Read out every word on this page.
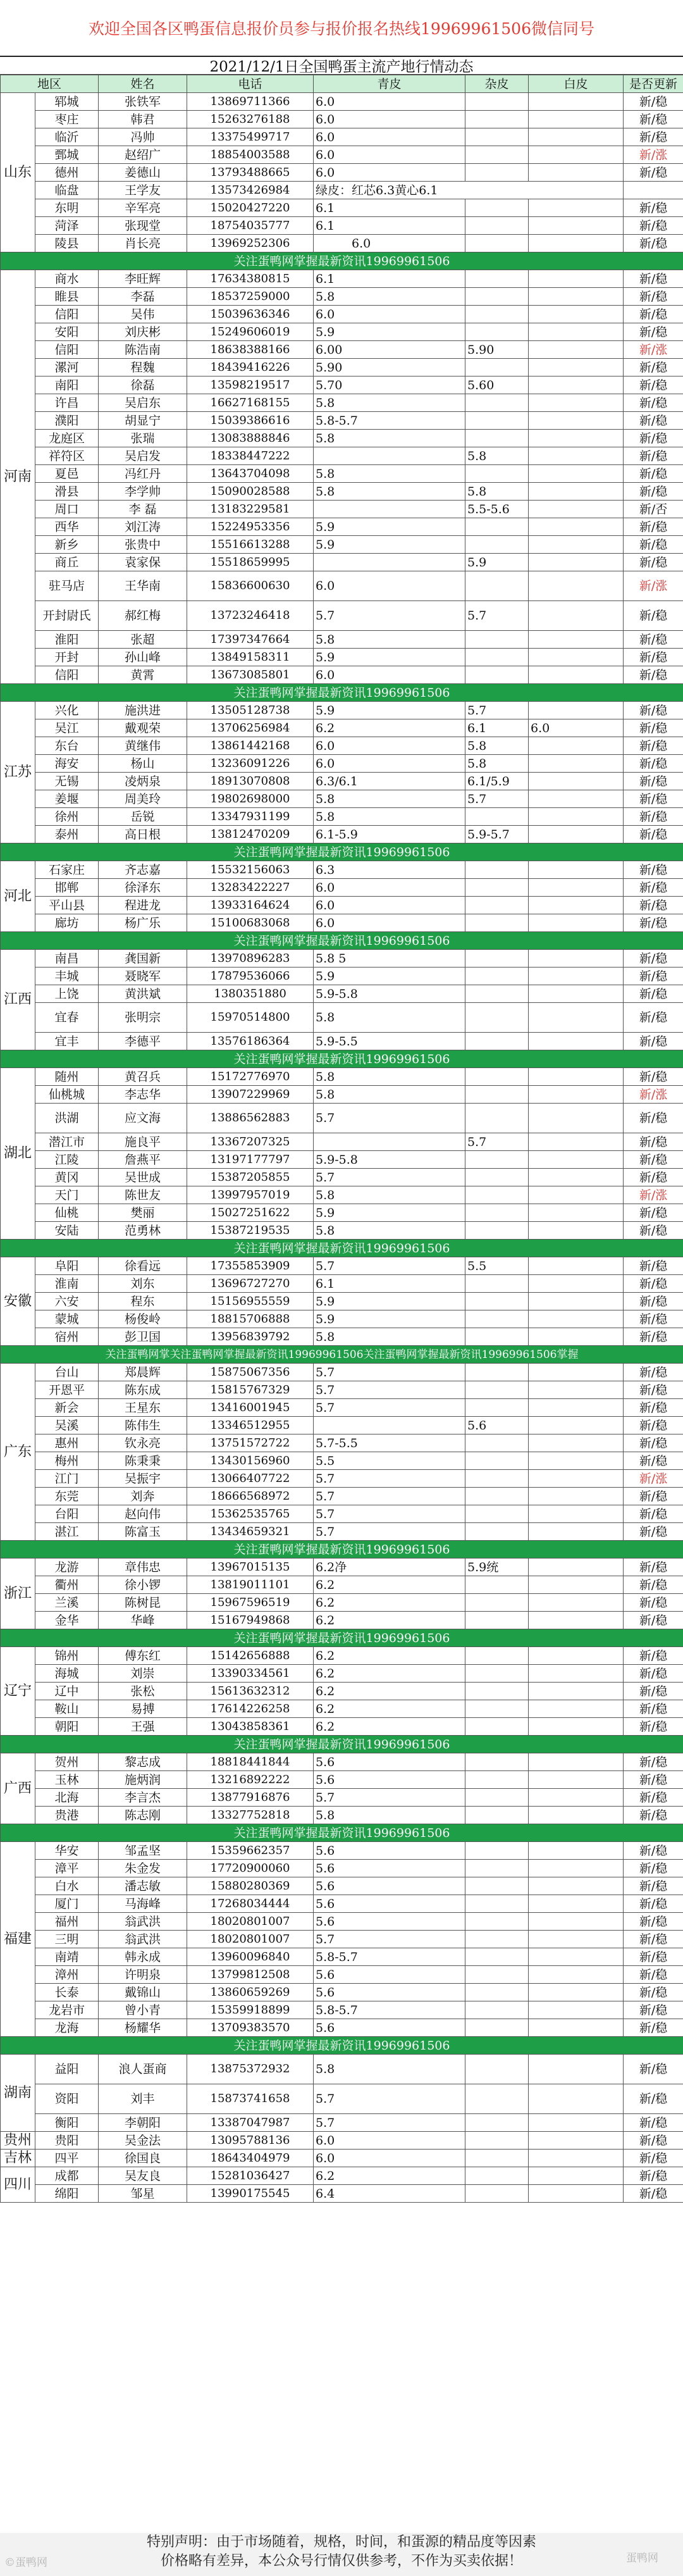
欢迎全国各区鸭蛋信息报价员参与报价报名热线19969961506微信同号
2021/12/1日全国鸭蛋主流产地行情动态
地区		姓名	电话	青皮	杂皮	白皮	是否更新
山东	郓城	张铁军	13869711366	6.0			新/稳
	枣庄	韩君	15263276188	6.0			新/稳
	临沂	冯帅	13375499717	6.0			新/稳
	鄄城	赵绍广	18854003588	6.0			新/涨
	德州	姜德山	13793488665	6.0			新/稳
	临盘	王学友	13573426984	绿皮：红芯6.3黄心6.1			
	东明	辛军亮	15020427220	6.1			新/稳
	菏泽	张现堂	18754035777	6.1			新/稳
	陵县	肖长亮	13969252306	6.0			新/稳
关注蛋鸭网掌握最新资讯19969961506							
河南	商水	李旺辉	17634380815	6.1			新/稳
	睢县	李磊	18537259000	5.8			新/稳
	信阳	吴伟	15039636346	6.0			新/稳
	安阳	刘庆彬	15249606019	5.9			新/稳
	信阳	陈浩南	18638388166	6.00	5.90		新/涨
	漯河	程魏	18439416226	5.90			新/稳
	南阳	徐磊	13598219517	5.70	5.60		新/稳
	许昌	吴启东	16627168155	5.8			新/稳
	濮阳	胡显宁	15039386616	5.8-5.7			新/稳
	龙庭区	张瑞	13083888846	5.8			新/稳
	祥符区	吴启发	18338447222		5.8		新/稳
	夏邑	冯红丹	13643704098	5.8			新/稳
	滑县	李学帅	15090028588	5.8	5.8		新/稳
	周口	李 磊	13183229581		5.5-5.6		新/否
	西华	刘江涛	15224953356	5.9			新/稳
	新乡	张贵中	15516613288	5.9			新/稳
	商丘	袁家保	15518659995		5.9		新/稳
	驻马店	王华南	15836600630	6.0			新/涨
	开封尉氏	郝红梅	13723246418	5.7	5.7		新/稳
	淮阳	张超	17397347664	5.8			新/稳
	开封	孙山峰	13849158311	5.9			新/稳
	信阳	黄霄	13673085801	6.0			新/稳
关注蛋鸭网掌握最新资讯19969961506							
江苏	兴化	施洪进	13505128738	5.9	5.7		新/稳
	吴江	戴观荣	13706256984	6.2	6.1	6.0	新/稳
	东台	黄继伟	13861442168	6.0	5.8		新/稳
	海安	杨山	13236091226	6.0	5.8		新/稳
	无锡	凌炳泉	18913070808	6.3/6.1	6.1/5.9		新/稳
	姜堰	周美玲	19802698000	5.8	5.7		新/稳
	徐州	岳锐	13347931199	5.8			新/稳
	泰州	高日根	13812470209	6.1-5.9	5.9-5.7		新/稳
关注蛋鸭网掌握最新资讯19969961506							
河北	石家庄	齐志嘉	15532156063	6.3			新/稳
	邯郸	徐泽东	13283422227	6.0			新/稳
	平山县	程进龙	13933164624	6.0			新/稳
	廊坊	杨广乐	15100683068	6.0			新/稳
关注蛋鸭网掌握最新资讯19969961506							
江西	南昌	龚国新	13970896283	5.8 5			新/稳
	丰城	聂晓军	17879536066	5.9			新/稳
	上饶	黄洪斌	1380351880	5.9-5.8			新/稳
	宜春	张明宗	15970514800	5.8			新/稳
	宜丰	李德平	13576186364	5.9-5.5			新/稳
关注蛋鸭网掌握最新资讯19969961506							
湖北	随州	黄召兵	15172776970	5.8			新/稳
	仙桃城	李志华	13907229969	5.8			新/涨
	洪湖	应文海	13886562883	5.7			新/稳
	潜江市	施良平	13367207325		5.7		新/稳
	江陵	詹燕平	13197177797	5.9-5.8			新/稳
	黄冈	吴世成	15387205855	5.7			新/稳
	天门	陈世友	13997957019	5.8			新/涨
	仙桃	樊丽	15027251622	5.9			新/稳
	安陆	范勇林	15387219535	5.8			新/稳
关注蛋鸭网掌握最新资讯19969961506							
安徽	阜阳	徐看远	17355853909	5.7	5.5		新/稳
	淮南	刘东	13696727270	6.1			新/稳
	六安	程东	15156955559	5.9			新/稳
	蒙城	杨俊岭	18815706888	5.9			新/稳
	宿州	彭卫国	13956839792	5.8			新/稳
关注蛋鸭网掌关注蛋鸭网掌握最新资讯19969961506关注蛋鸭网掌握最新资讯19969961506掌握							
广东	台山	郑晨辉	15875067356	5.7			新/稳
	开恩平	陈东成	15815767329	5.7			新/稳
	新会	王星东	13416001945	5.7			新/稳
	吴溪	陈伟生	13346512955		5.6		新/稳
	惠州	钦永亮	13751572722	5.7-5.5			新/稳
	梅州	陈秉秉	13430156960	5.5			新/稳
	江门	吴振宇	13066407722	5.7			新/涨
	东莞	刘奔	18666568972	5.7			新/稳
	台阳	赵向伟	15362535765	5.7			新/稳
	湛江	陈富玉	13434659321	5.7			新/稳
关注蛋鸭网掌握最新资讯19969961506							
浙江	龙游	章伟忠	13967015135	6.2净	5.9统		新/稳
	衢州	徐小锣	13819011101	6.2			新/稳
	兰溪	陈树昆	15967596519	6.2			新/稳
	金华	华峰	15167949868	6.2			新/稳
关注蛋鸭网掌握最新资讯19969961506							
辽宁	锦州	傅东红	15142656888	6.2			新/稳
	海城	刘崇	13390334561	6.2			新/稳
	辽中	张松	15613632312	6.2			新/稳
	鞍山	易搏	17614226258	6.2			新/稳
	朝阳	王强	13043858361	6.2			新/稳
关注蛋鸭网掌握最新资讯19969961506							
广西	贺州	黎志成	18818441844	5.6			新/稳
	玉林	施炳润	13216892222	5.6			新/稳
	北海	李言杰	13877916876	5.7			新/稳
	贵港	陈志刚	13327752818	5.8			新/稳
关注蛋鸭网掌握最新资讯19969961506							
福建	华安	邹孟坚	15359662357	5.6			新/稳
	漳平	朱金发	17720900060	5.6			新/稳
	白水	潘志敏	15880280369	5.6			新/稳
	厦门	马海峰	17268034444	5.6			新/稳
	福州	翁武洪	18020801007	5.6			新/稳
	三明	翁武洪	18020801007	5.7			新/稳
	南靖	韩永成	13960096840	5.8-5.7			新/稳
	漳州	许明泉	13799812508	5.6			新/稳
	长泰	戴锦山	13860659269	5.6			新/稳
	龙岩市	曾小青	15359918899	5.8-5.7			新/稳
	龙海	杨耀华	13709383570	5.6			新/稳
关注蛋鸭网掌握最新资讯19969961506							
湖南	益阳	浪人蛋商	13875372932	5.8			新/稳
	资阳	刘丰	15873741658	5.7			新/稳
	衡阳	李朝阳	13387047987	5.7			新/稳
贵州	贵阳	吴金法	13095788136	6.0			新/稳
吉林	四平	徐国良	18643404979	6.0			新/稳
四川	成都	吴友良	15281036427	6.2			新/稳
	绵阳	邹星	13990175545	6.4			新/稳
特别声明：由于市场随着，规格，时间，和蛋源的精品度等因素
价格略有差异，本公众号行情仅供参考，不作为买卖依据！
©蛋鸭网	蛋鸭网
